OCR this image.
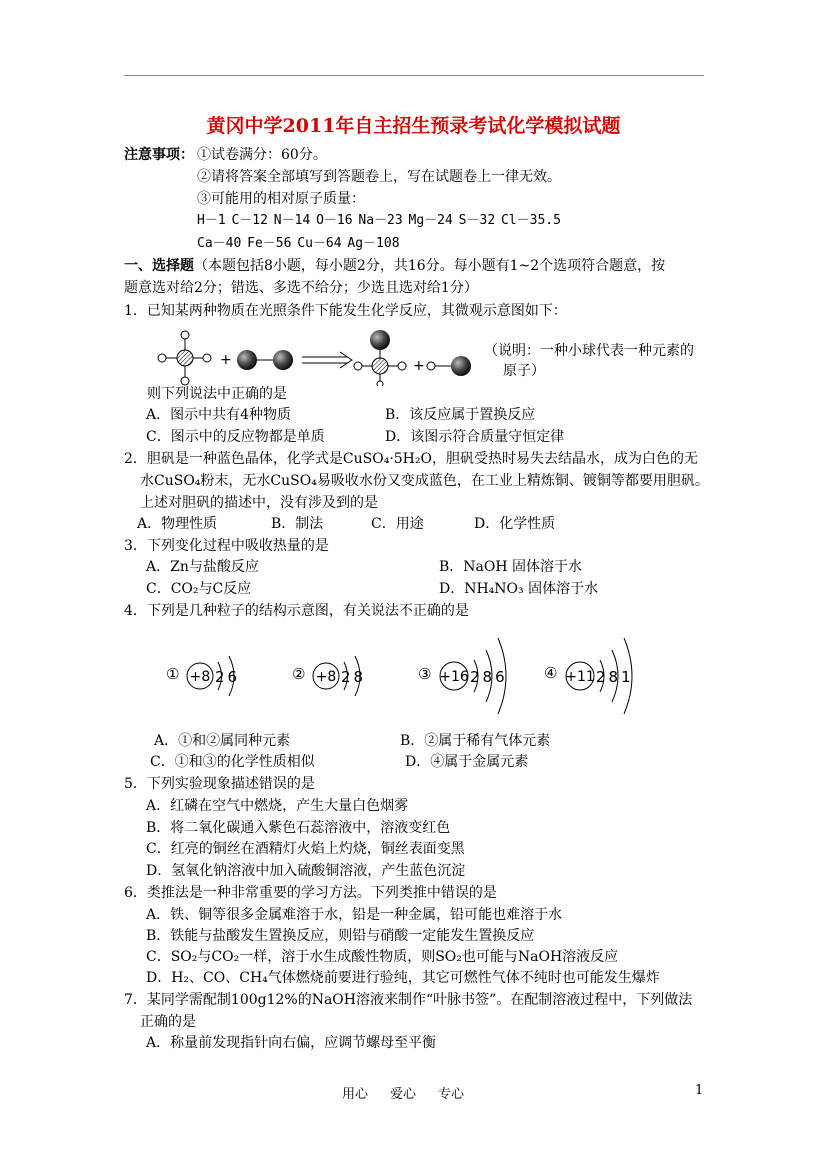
黄冈中学2011年自主招生预录考试化学模拟试题
注意事项： ①试卷满分：60分。
②请将答案全部填写到答题卷上，写在试题卷上一律无效。
③可能用的相对原子质量：
H－1 C－12 N－14 O－16 Na－23 Mg－24 S－32 Cl－35.5
Ca－40 Fe－56 Cu－64 Ag－108
一、选择题（本题包括8小题，每小题2分，共16分。每小题有1~2个选项符合题意，按
题意选对给2分；错选、多选不给分；少选且选对给1分）
1．已知某两种物质在光照条件下能发生化学反应，其微观示意图如下：
+	+
（说明：一种小球代表一种元素的
原子）
则下列说法中正确的是
A．图示中共有4种物质	B．该反应属于置换反应
C．图示中的反应物都是单质	D．该图示符合质量守恒定律
2．胆矾是一种蓝色晶体，化学式是CuSO₄·5H₂O，胆矾受热时易失去结晶水，成为白色的无
水CuSO₄粉末，无水CuSO₄易吸收水份又变成蓝色，在工业上精炼铜、镀铜等都要用胆矾。
上述对胆矾的描述中，没有涉及到的是
A．物理性质	B．制法	C．用途	D．化学性质
3．下列变化过程中吸收热量的是
A．Zn与盐酸反应	B．NaOH 固体溶于水
C．CO₂与C反应	D．NH₄NO₃ 固体溶于水
4．下列是几种粒子的结构示意图，有关说法不正确的是
① +8 26	② +8 28	③ +16 286 ④ +11 281
A．①和②属同种元素	B．②属于稀有气体元素
C．①和③的化学性质相似	D．④属于金属元素
5．下列实验现象描述错误的是
A．红磷在空气中燃烧，产生大量白色烟雾
B．将二氧化碳通入紫色石蕊溶液中，溶液变红色
C．红亮的铜丝在酒精灯火焰上灼烧，铜丝表面变黑
D．氢氧化钠溶液中加入硫酸铜溶液，产生蓝色沉淀
6．类推法是一种非常重要的学习方法。下列类推中错误的是
A．铁、铜等很多金属难溶于水，铅是一种金属，铅可能也难溶于水
B．铁能与盐酸发生置换反应，则铅与硝酸一定能发生置换反应
C．SO₂与CO₂一样，溶于水生成酸性物质，则SO₂也可能与NaOH溶液反应
D．H₂、CO、CH₄气体燃烧前要进行验纯，其它可燃性气体不纯时也可能发生爆炸
7．某同学需配制100g12%的NaOH溶液来制作“叶脉书签”。在配制溶液过程中，下列做法
正确的是
A．称量前发现指针向右偏，应调节螺母至平衡
用心 爱心 专心	1
